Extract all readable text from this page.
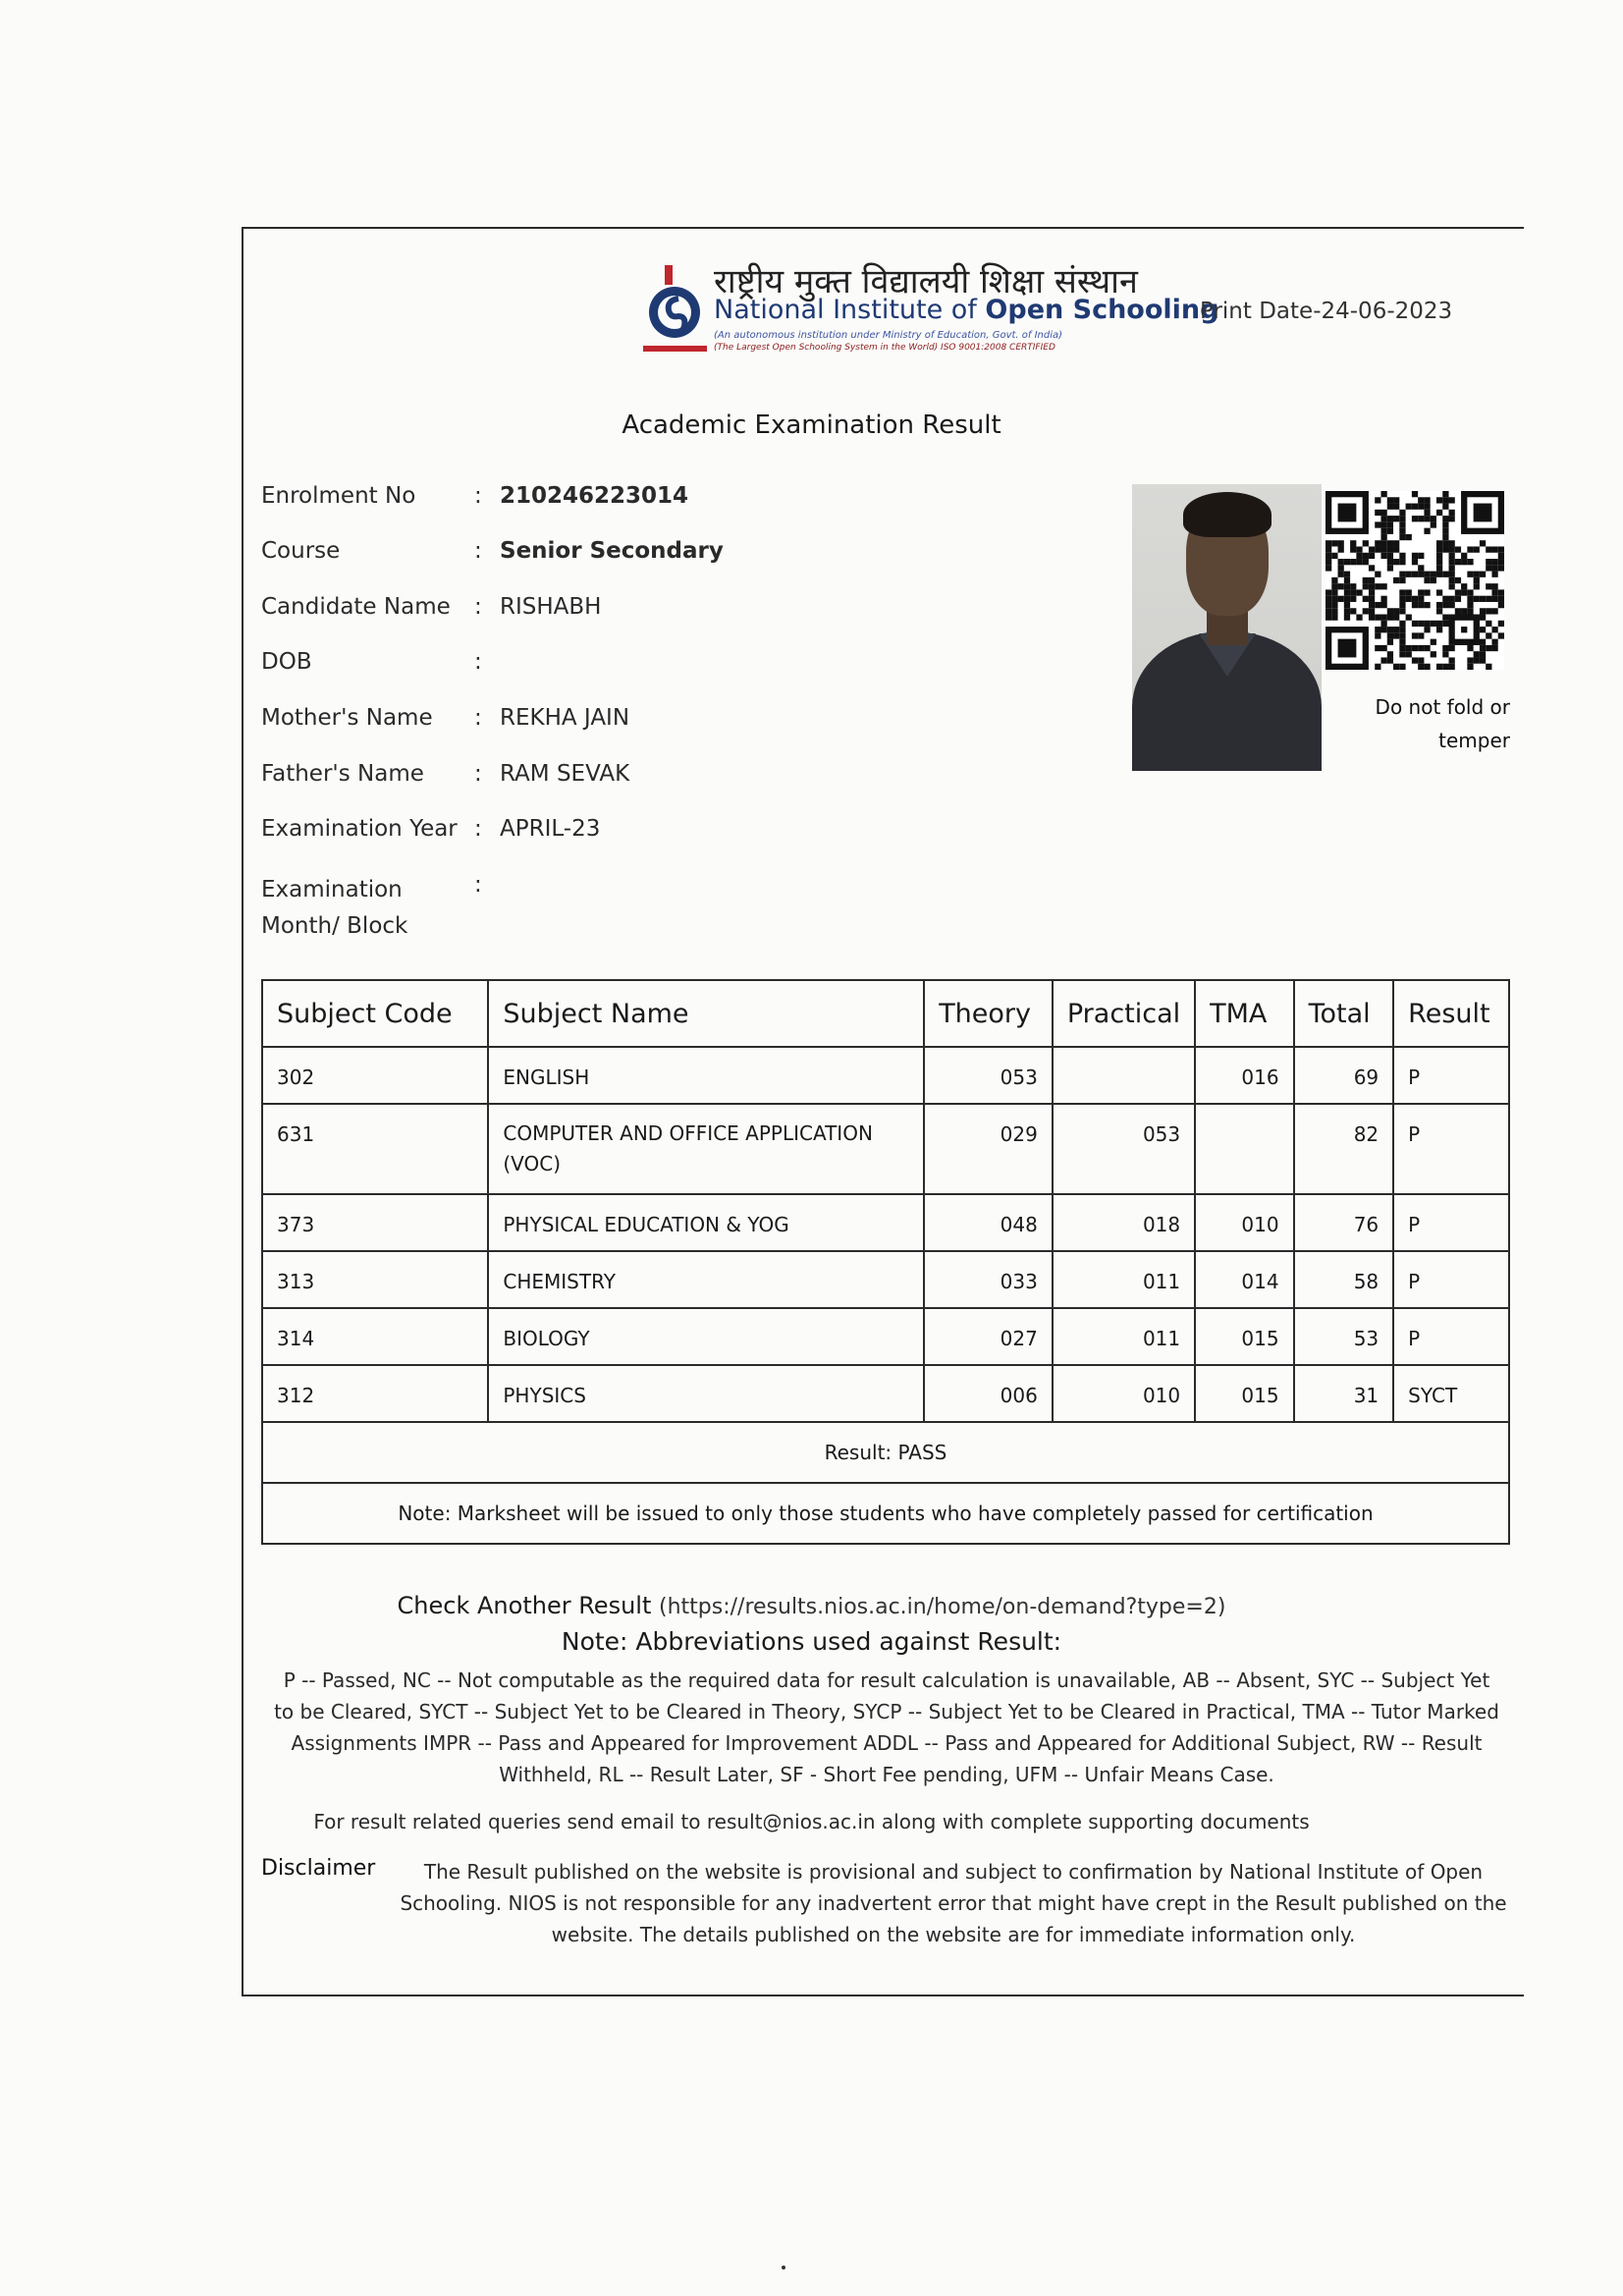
राष्ट्रीय मुक्त विद्यालयी शिक्षा संस्थान
National Institute of Open Schooling
(An autonomous institution under Ministry of Education, Govt. of India)
(The Largest Open Schooling System in the World) ISO 9001:2008 CERTIFIED
Print Date-24-06-2023
Academic Examination Result
Enrolment No	: 210246223014
Course	: Senior Secondary
Candidate Name	: RISHABH
DOB	:
Mother's Name	: REKHA JAIN
Father's Name	: RAM SEVAK
Examination Year : APRIL-23
Examination Month/ Block
:
Do not fold or temper
Subject Code	Subject Name	Theory	Practical	TMA	Total	Result
302	ENGLISH	053		016	69	P
631	COMPUTER AND OFFICE APPLICATION (VOC)	029	053		82	P
373	PHYSICAL EDUCATION & YOG	048	018	010	76	P
313	CHEMISTRY	033	011	014	58	P
314	BIOLOGY	027	011	015	53	P
312	PHYSICS	006	010	015	31	SYCT
Result: PASS						
Note: Marksheet will be issued to only those students who have completely passed for certification						
Check Another Result (https://results.nios.ac.in/home/on-demand?type=2)
Note: Abbreviations used against Result:
P -- Passed, NC -- Not computable as the required data for result calculation is unavailable, AB -- Absent, SYC -- Subject Yet to be Cleared, SYCT -- Subject Yet to be Cleared in Theory, SYCP -- Subject Yet to be Cleared in Practical, TMA -- Tutor Marked Assignments IMPR -- Pass and Appeared for Improvement ADDL -- Pass and Appeared for Additional Subject, RW -- Result Withheld, RL -- Result Later, SF - Short Fee pending, UFM -- Unfair Means Case.
For result related queries send email to result@nios.ac.in along with complete supporting documents
Disclaimer	The Result published on the website is provisional and subject to confirmation by National Institute of Open Schooling. NIOS is not responsible for any inadvertent error that might have crept in the Result published on the website. The details published on the website are for immediate information only.
